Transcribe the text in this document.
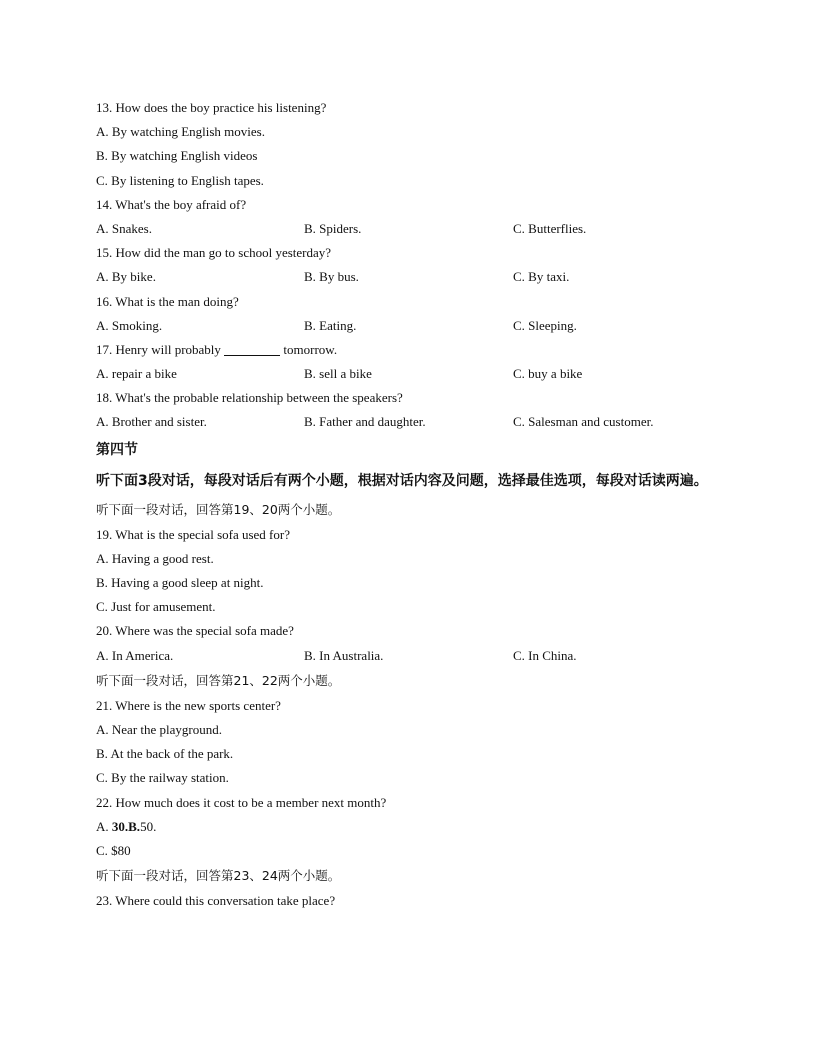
13. How does the boy practice his listening?
A. By watching English movies.
B. By watching English videos
C. By listening to English tapes.
14. What's the boy afraid of?
A. Snakes.	B. Spiders.	C. Butterflies.
15. How did the man go to school yesterday?
A. By bike.	B. By bus.	C. By taxi.
16. What is the man doing?
A. Smoking.	B. Eating.	C. Sleeping.
17. Henry will probably	tomorrow.
A. repair a bike	B. sell a bike	C. buy a bike
18. What's the probable relationship between the speakers?
A. Brother and sister.	B. Father and daughter.	C. Salesman and customer.
第四节
听下面3段对话，每段对话后有两个小题，根据对话内容及问题，选择最佳选项，每段对话读两遍。
听下面一段对话，回答第19、20两个小题。
19. What is the special sofa used for?
A. Having a good rest.
B. Having a good sleep at night.
C. Just for amusement.
20. Where was the special sofa made?
A. In America.	B. In Australia.	C. In China.
听下面一段对话，回答第21、22两个小题。
21. Where is the new sports center?
A. Near the playground.
B. At the back of the park.
C. By the railway station.
22. How much does it cost to be a member next month?
A. 30.B.50.
C. $80
听下面一段对话，回答第23、24两个小题。
23. Where could this conversation take place?
